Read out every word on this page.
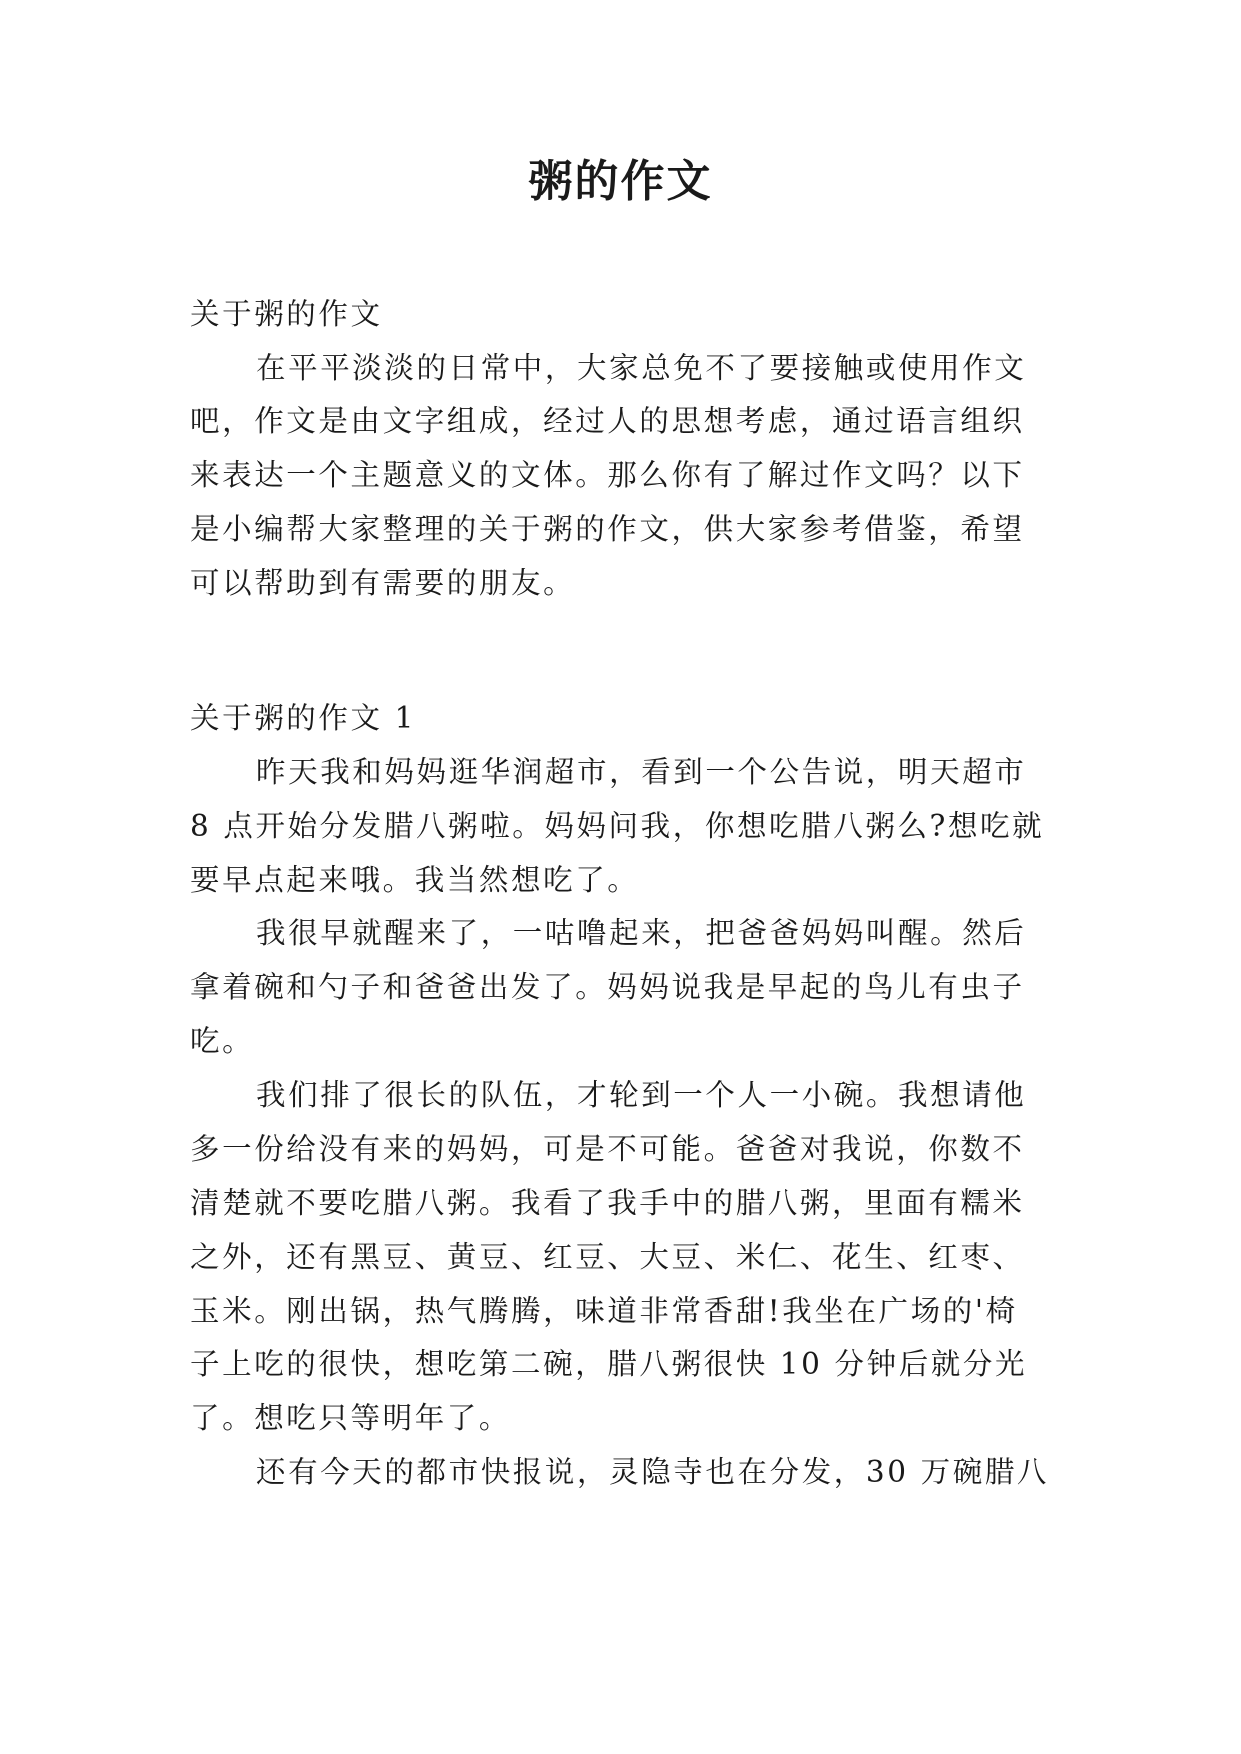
粥的作文

关于粥的作文

在平平淡淡的日常中，大家总免不了要接触或使用作文

吧，作文是由文字组成，经过人的思想考虑，通过语言组织

来表达一个主题意义的文体。那么你有了解过作文吗？以下

是小编帮大家整理的关于粥的作文，供大家参考借鉴，希望

可以帮助到有需要的朋友。

关于粥的作文 1

昨天我和妈妈逛华润超市，看到一个公告说，明天超市

8 点开始分发腊八粥啦。妈妈问我，你想吃腊八粥么?想吃就

要早点起来哦。我当然想吃了。

我很早就醒来了，一咕噜起来，把爸爸妈妈叫醒。然后

拿着碗和勺子和爸爸出发了。妈妈说我是早起的鸟儿有虫子

吃。

我们排了很长的队伍，才轮到一个人一小碗。我想请他

多一份给没有来的妈妈，可是不可能。爸爸对我说，你数不

清楚就不要吃腊八粥。我看了我手中的腊八粥，里面有糯米

之外，还有黑豆、黄豆、红豆、大豆、米仁、花生、红枣、

玉米。刚出锅，热气腾腾，味道非常香甜!我坐在广场的'椅

子上吃的很快，想吃第二碗，腊八粥很快 10 分钟后就分光

了。想吃只等明年了。

还有今天的都市快报说，灵隐寺也在分发，30 万碗腊八
